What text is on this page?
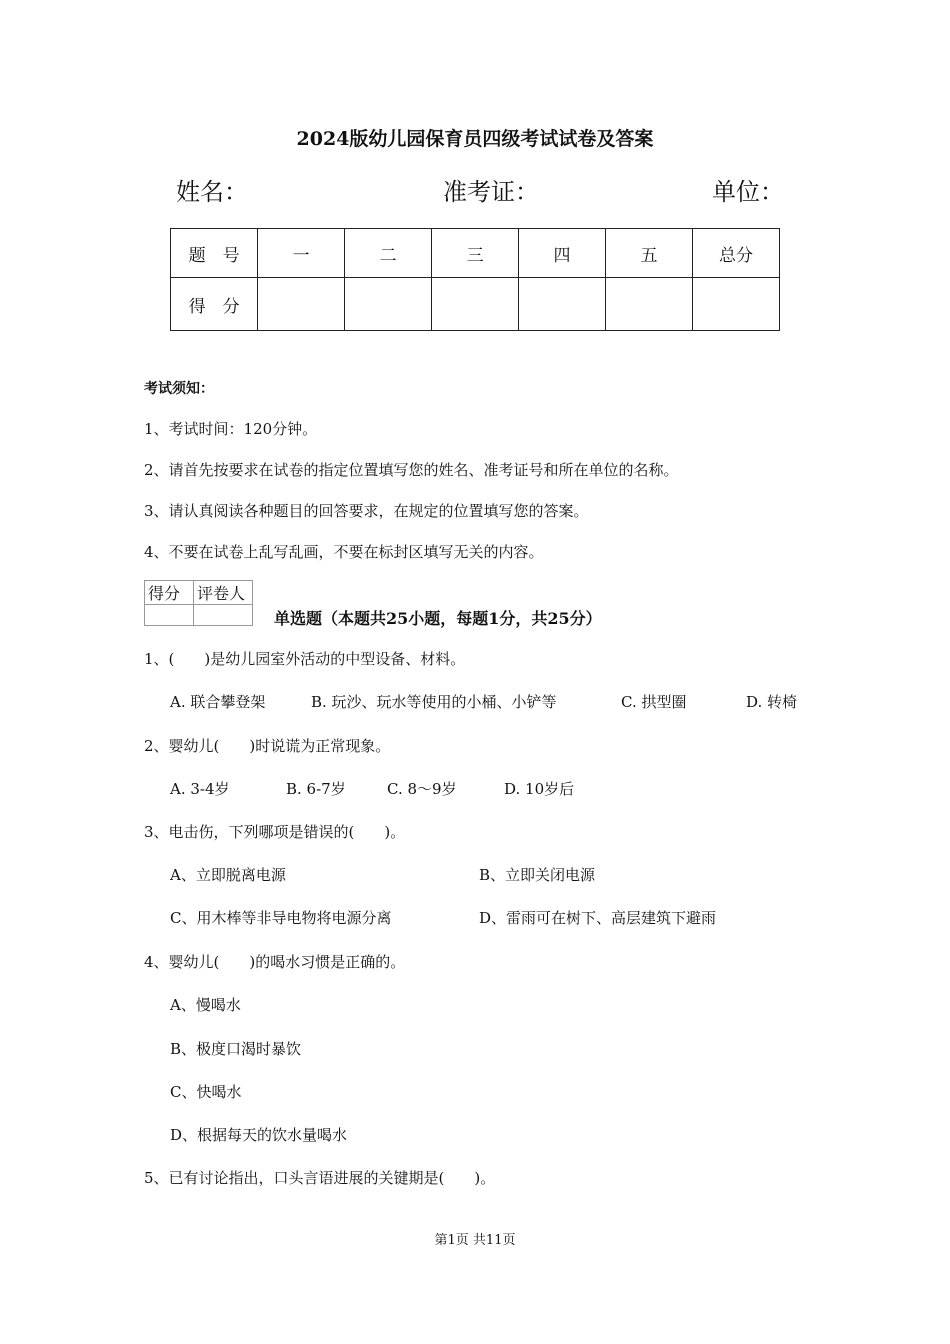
2024版幼儿园保育员四级考试试卷及答案
姓名：	准考证：	单位：
题　号	一	二	三	四	五	总分
得　分						
考试须知：
1、考试时间：120分钟。
2、请首先按要求在试卷的指定位置填写您的姓名、准考证号和所在单位的名称。
3、请认真阅读各种题目的回答要求，在规定的位置填写您的答案。
4、不要在试卷上乱写乱画，不要在标封区填写无关的内容。
得分	评卷人

单选题（本题共25小题，每题1分，共25分）
1、(　　)是幼儿园室外活动的中型设备、材料。
A. 联合攀登架	B. 玩沙、玩水等使用的小桶、小铲等	C. 拱型圈	D. 转椅
2、婴幼儿(　　)时说谎为正常现象。
A. 3-4岁	B. 6-7岁	C. 8～9岁	D. 10岁后
3、电击伤，下列哪项是错误的(　　)。
A、立即脱离电源	B、立即关闭电源
C、用木棒等非导电物将电源分离	D、雷雨可在树下、高层建筑下避雨
4、婴幼儿(　　)的喝水习惯是正确的。
A、慢喝水
B、极度口渴时暴饮
C、快喝水
D、根据每天的饮水量喝水
5、已有讨论指出，口头言语进展的关键期是(　　)。
第1页 共11页
